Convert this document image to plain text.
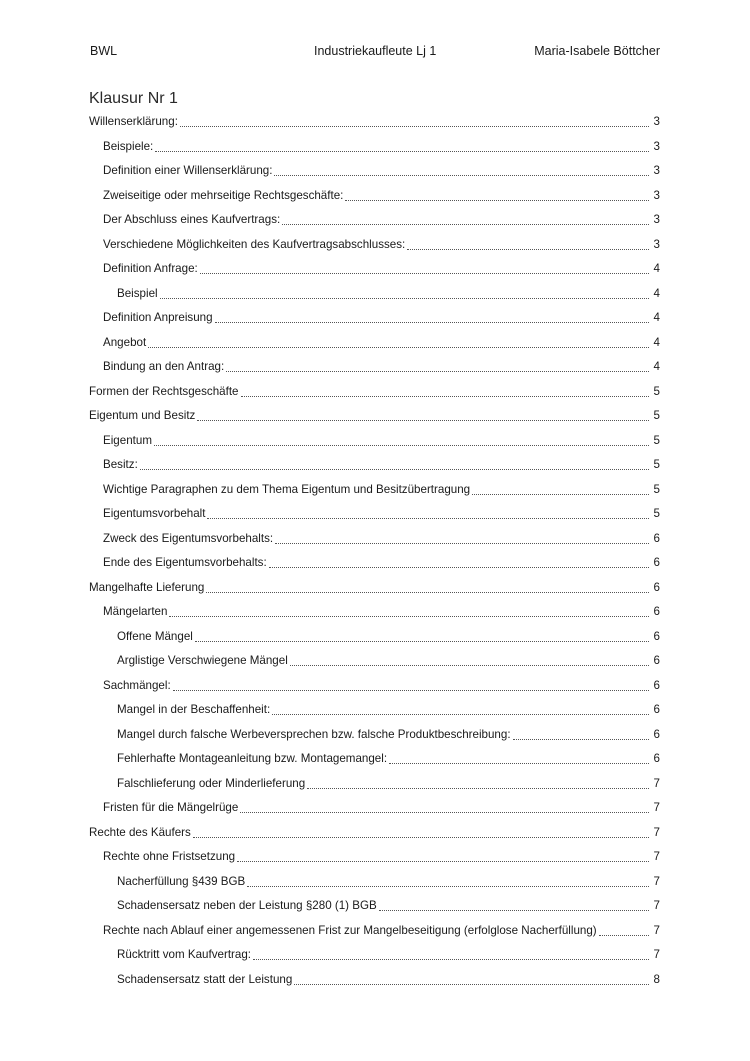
BWL	Industriekaufleute Lj 1	Maria-Isabele Böttcher
Klausur Nr 1
Willenserklärung:	3
Beispiele:	3
Definition einer Willenserklärung:	3
Zweiseitige oder mehrseitige Rechtsgeschäfte:	3
Der Abschluss eines Kaufvertrags:	3
Verschiedene Möglichkeiten des Kaufvertragsabschlusses:	3
Definition Anfrage:	4
Beispiel	4
Definition Anpreisung	4
Angebot	4
Bindung an den Antrag:	4
Formen der Rechtsgeschäfte	5
Eigentum und Besitz	5
Eigentum	5
Besitz:	5
Wichtige Paragraphen zu dem Thema Eigentum und Besitzübertragung	5
Eigentumsvorbehalt	5
Zweck des Eigentumsvorbehalts:	6
Ende des Eigentumsvorbehalts:	6
Mangelhafte Lieferung	6
Mängelarten	6
Offene Mängel	6
Arglistige Verschwiegene Mängel	6
Sachmängel:	6
Mangel in der Beschaffenheit:	6
Mangel durch falsche Werbeversprechen bzw. falsche Produktbeschreibung:	6
Fehlerhafte Montageanleitung bzw. Montagemangel:	6
Falschlieferung oder Minderlieferung	7
Fristen für die Mängelrüge	7
Rechte des Käufers	7
Rechte ohne Fristsetzung	7
Nacherfüllung §439 BGB	7
Schadensersatz neben der Leistung §280 (1) BGB	7
Rechte nach Ablauf einer angemessenen Frist zur Mangelbeseitigung (erfolglose Nacherfüllung)	7
Rücktritt vom Kaufvertrag:	7
Schadensersatz statt der Leistung	8
